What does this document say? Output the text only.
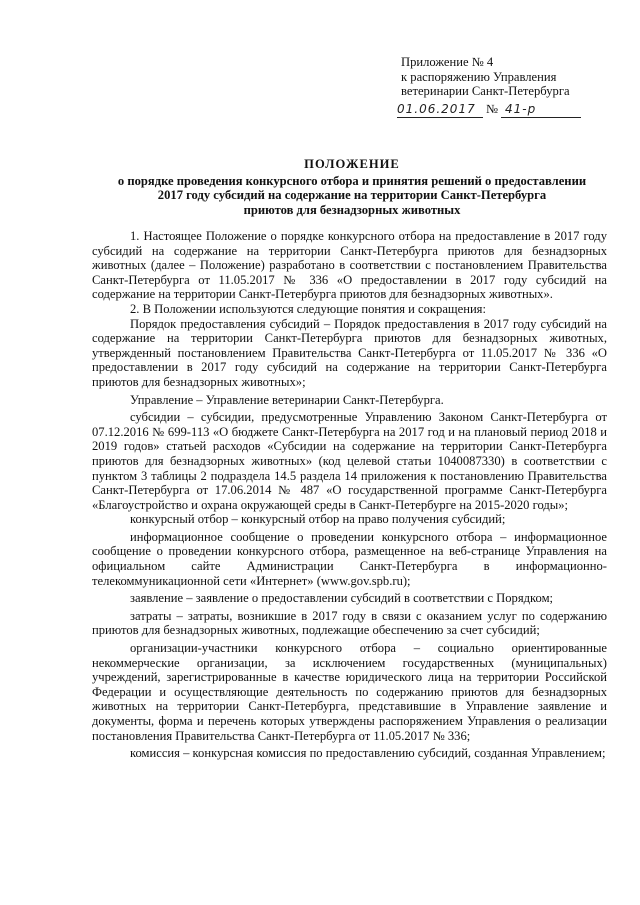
Приложение № 4
к распоряжению Управления
ветеринарии Санкт-Петербурга
01.06.2017 № 41-р
ПОЛОЖЕНИЕ
о порядке проведения конкурсного отбора и принятия решений о предоставлении
2017 году субсидий на содержание на территории Санкт-Петербурга
приютов для безнадзорных животных

1. Настоящее Положение о порядке конкурсного отбора на предоставление в 2017 году субсидий на содержание на территории Санкт-Петербурга приютов для безнадзорных животных (далее – Положение) разработано в соответствии с постановлением Правительства Санкт-Петербурга от 11.05.2017 № 336 «О предоставлении в 2017 году субсидий на содержание на территории Санкт-Петербурга приютов для безнадзорных животных».

2. В Положении используются следующие понятия и сокращения:

Порядок предоставления субсидий – Порядок предоставления в 2017 году субсидий на содержание на территории Санкт-Петербурга приютов для безнадзорных животных, утвержденный постановлением Правительства Санкт-Петербурга от 11.05.2017 № 336 «О предоставлении в 2017 году субсидий на содержание на территории Санкт-Петербурга приютов для безнадзорных животных»;

Управление – Управление ветеринарии Санкт-Петербурга.

субсидии – субсидии, предусмотренные Управлению Законом Санкт-Петербурга от 07.12.2016 № 699-113 «О бюджете Санкт-Петербурга на 2017 год и на плановый период 2018 и 2019 годов» статьей расходов «Субсидии на содержание на территории Санкт-Петербурга приютов для безнадзорных животных» (код целевой статьи 1040087330) в соответствии с пунктом 3 таблицы 2 подраздела 14.5 раздела 14 приложения к постановлению Правительства Санкт-Петербурга от 17.06.2014 № 487 «О государственной программе Санкт-Петербурга «Благоустройство и охрана окружающей среды в Санкт-Петербурге на 2015-2020 годы»;

конкурсный отбор – конкурсный отбор на право получения субсидий;

информационное сообщение о проведении конкурсного отбора – информационное сообщение о проведении конкурсного отбора, размещенное на веб-странице Управления на официальном сайте Администрации Санкт-Петербурга в информационно-телекоммуникационной сети «Интернет» (www.gov.spb.ru);

заявление – заявление о предоставлении субсидий в соответствии с Порядком;

затраты – затраты, возникшие в 2017 году в связи с оказанием услуг по содержанию приютов для безнадзорных животных, подлежащие обеспечению за счет субсидий;

организации-участники конкурсного отбора – социально ориентированные некоммерческие организации, за исключением государственных (муниципальных) учреждений, зарегистрированные в качестве юридического лица на территории Российской Федерации и осуществляющие деятельность по содержанию приютов для безнадзорных животных на территории Санкт-Петербурга, представившие в Управление заявление и документы, форма и перечень которых утверждены распоряжением Управления о реализации постановления Правительства Санкт-Петербурга от 11.05.2017 № 336;

комиссия – конкурсная комиссия по предоставлению субсидий, созданная Управлением;
